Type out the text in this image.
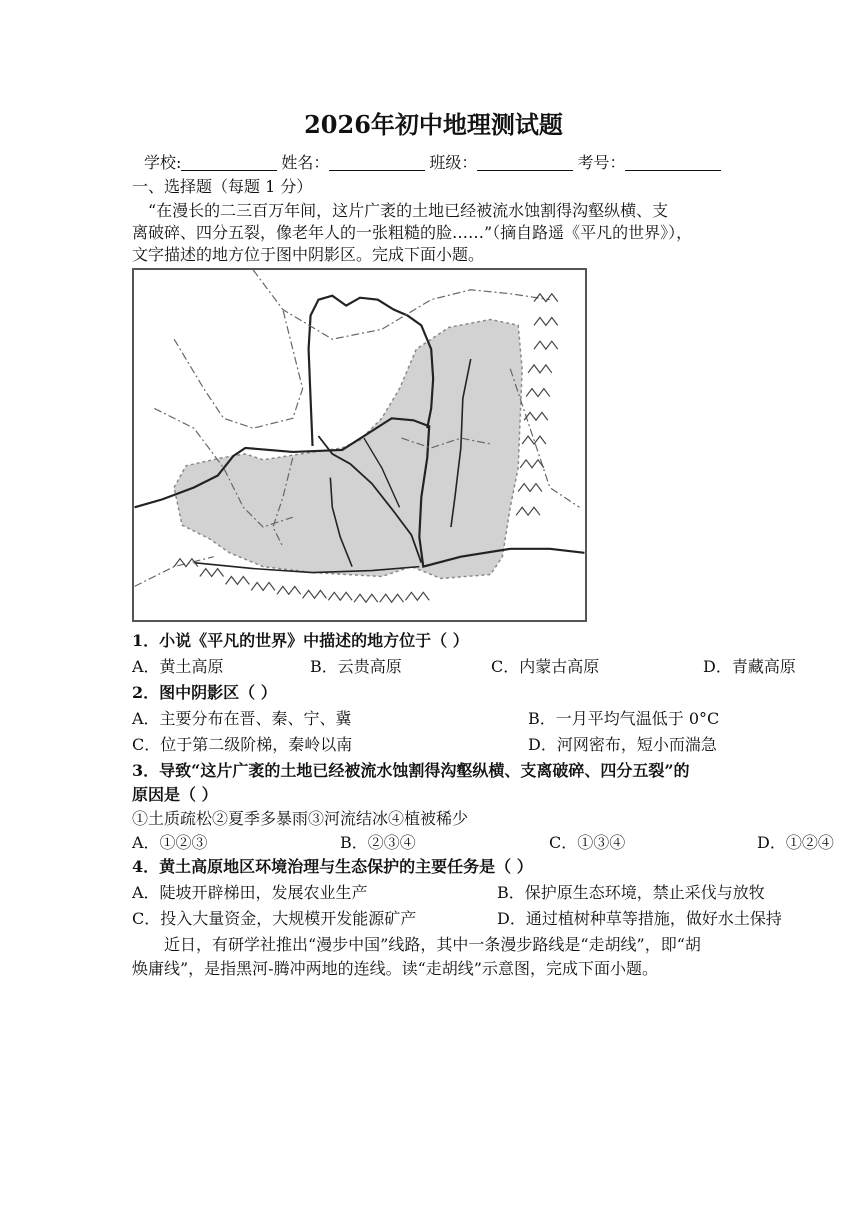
2026年初中地理测试题
学校:	姓名：	班级：	考号：
一、选择题（每题 1 分）
“在漫长的二三百万年间，这片广袤的土地已经被流水蚀割得沟壑纵横、支
离破碎、四分五裂，像老年人的一张粗糙的脸……”（摘自路遥《平凡的世界》），
文字描述的地方位于图中阴影区。完成下面小题。
1．小说《平凡的世界》中描述的地方位于（ ）
A．黄土高原	B．云贵高原	C．内蒙古高原	D．青藏高原
2．图中阴影区（ ）
A．主要分布在晋、秦、宁、冀	B．一月平均气温低于 0°C
C．位于第二级阶梯，秦岭以南	D．河网密布，短小而湍急
3．导致“这片广袤的土地已经被流水蚀割得沟壑纵横、支离破碎、四分五裂”的
原因是（ ）
①土质疏松②夏季多暴雨③河流结冰④植被稀少
A．①②③	B．②③④	C．①③④	D．①②④
4．黄土高原地区环境治理与生态保护的主要任务是（ ）
A．陡坡开辟梯田，发展农业生产	B．保护原生态环境，禁止采伐与放牧
C．投入大量资金，大规模开发能源矿产	D．通过植树种草等措施，做好水土保持
近日，有研学社推出“漫步中国”线路，其中一条漫步路线是“走胡线”，即“胡
焕庸线”，是指黑河-腾冲两地的连线。读“走胡线”示意图，完成下面小题。
